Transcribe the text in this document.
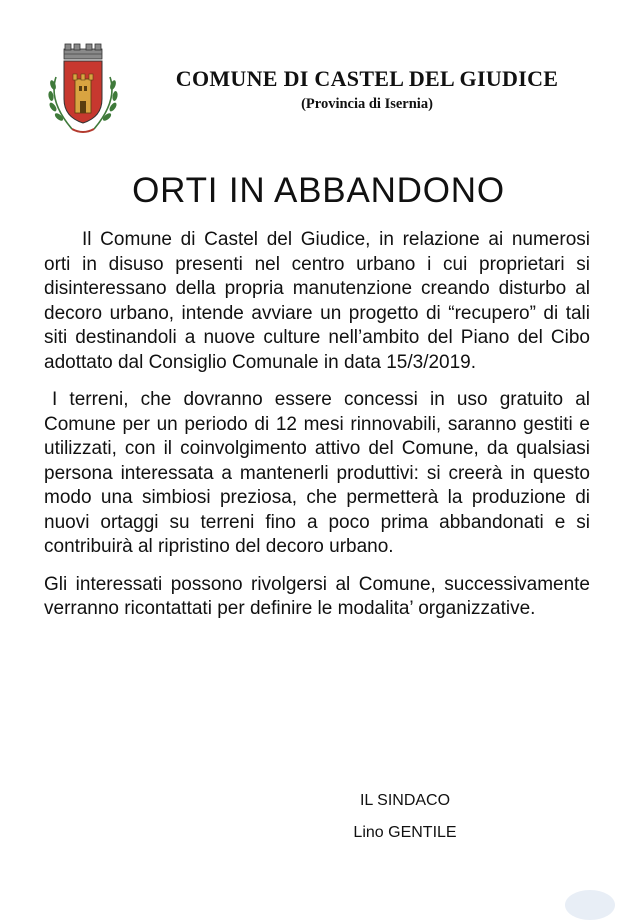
COMUNE DI CASTEL DEL GIUDICE
(Provincia di Isernia)
ORTI IN ABBANDONO

Il Comune di Castel del Giudice, in relazione ai numerosi orti in disuso presenti nel centro urbano i cui proprietari si disinteressano della propria manutenzione creando disturbo al decoro urbano, intende avviare un progetto di “recupero” di tali siti destinandoli a nuove culture nell’ambito del Piano del Cibo adottato dal Consiglio Comunale in data 15/3/2019.

I terreni, che dovranno essere concessi in uso gratuito al Comune per un periodo di 12 mesi rinnovabili, saranno gestiti e utilizzati, con il coinvolgimento attivo del Comune, da qualsiasi persona interessata a mantenerli produttivi: si creerà in questo modo una simbiosi preziosa, che permetterà la produzione di nuovi ortaggi su terreni fino a poco prima abbandonati e si contribuirà al ripristino del decoro urbano.

Gli interessati possono rivolgersi al Comune, successivamente verranno ricontattati per definire le modalita’ organizzative.

IL SINDACO
Lino GENTILE
